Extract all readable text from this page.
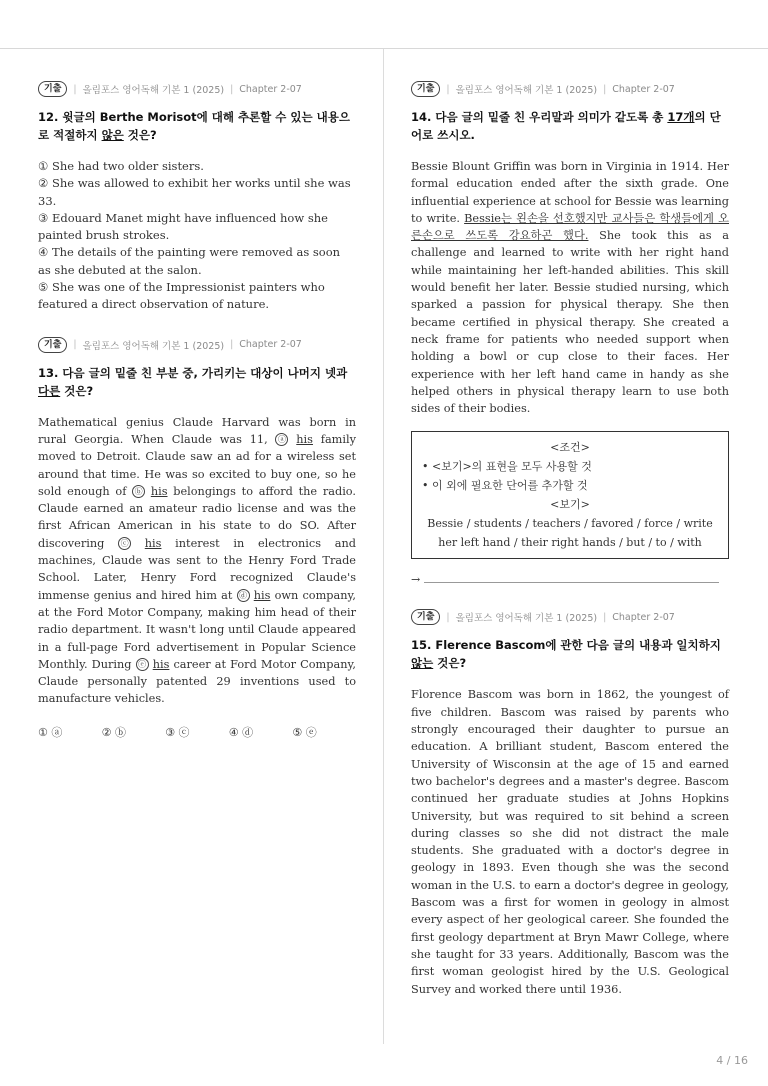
기출	| 올림포스 영어독해 기본 1 (2025) | Chapter 2-07

12. 윗글의 Berthe Morisot에 대해 추론할 수 있는 내용으로 적절하지 않은 것은?

① She had two older sisters.
② She was allowed to exhibit her works until she was 33.
③ Edouard Manet might have influenced how she painted brush strokes.
④ The details of the painting were removed as soon as she debuted at the salon.
⑤ She was one of the Impressionist painters who featured a direct observation of nature.
기출	| 올림포스 영어독해 기본 1 (2025) | Chapter 2-07

13. 다음 글의 밑줄 친 부분 중, 가리키는 대상이 나머지 넷과 다른 것은?

Mathematical genius Claude Harvard was born in rural Georgia. When Claude was 11, ⓐ his family moved to Detroit. Claude saw an ad for a wireless set around that time. He was so excited to buy one, so he sold enough of ⓑ his belongings to afford the radio. Claude earned an amateur radio license and was the first African American in his state to do SO. After discovering ⓒ his interest in electronics and machines, Claude was sent to the Henry Ford Trade School. Later, Henry Ford recognized Claude's immense genius and hired him at ⓓ his own company, at the Ford Motor Company, making him head of their radio department. It wasn't long until Claude appeared in a full-page Ford advertisement in Popular Science Monthly. During ⓔ his career at Ford Motor Company, Claude personally patented 29 inventions used to manufacture vehicles.

① ⓐ	② ⓑ	③ ⓒ	④ ⓓ	⑤ ⓔ
기출	| 올림포스 영어독해 기본 1 (2025) | Chapter 2-07

14. 다음 글의 밑줄 친 우리말과 의미가 같도록 총 17개의 단어로 쓰시오.

Bessie Blount Griffin was born in Virginia in 1914. Her formal education ended after the sixth grade. One influential experience at school for Bessie was learning to write. Bessie는 왼손을 선호했지만 교사들은 학생들에게 오른손으로 쓰도록 강요하곤 했다. She took this as a challenge and learned to write with her right hand while maintaining her left-handed abilities. This skill would benefit her later. Bessie studied nursing, which sparked a passion for physical therapy. She then became certified in physical therapy. She created a neck frame for patients who needed support when holding a bowl or cup close to their faces. Her experience with her left hand came in handy as she helped others in physical therapy learn to use both sides of their bodies.

<조건>
• <보기>의 표현을 모두 사용할 것
• 이 외에 필요한 단어를 추가할 것
<보기>
Bessie / students / teachers / favored / force / write her left hand / their right hands / but / to / with
→
기출	| 올림포스 영어독해 기본 1 (2025) | Chapter 2-07

15. Flerence Bascom에 관한 다음 글의 내용과 일치하지 않는 것은?

Florence Bascom was born in 1862, the youngest of five children. Bascom was raised by parents who strongly encouraged their daughter to pursue an education. A brilliant student, Bascom entered the University of Wisconsin at the age of 15 and earned two bachelor's degrees and a master's degree. Bascom continued her graduate studies at Johns Hopkins University, but was required to sit behind a screen during classes so she did not distract the male students. She graduated with a doctor's degree in geology in 1893. Even though she was the second woman in the U.S. to earn a doctor's degree in geology, Bascom was a first for women in geology in almost every aspect of her geological career. She founded the first geology department at Bryn Mawr College, where she taught for 33 years. Additionally, Bascom was the first woman geologist hired by the U.S. Geological Survey and worked there until 1936.

4 / 16
